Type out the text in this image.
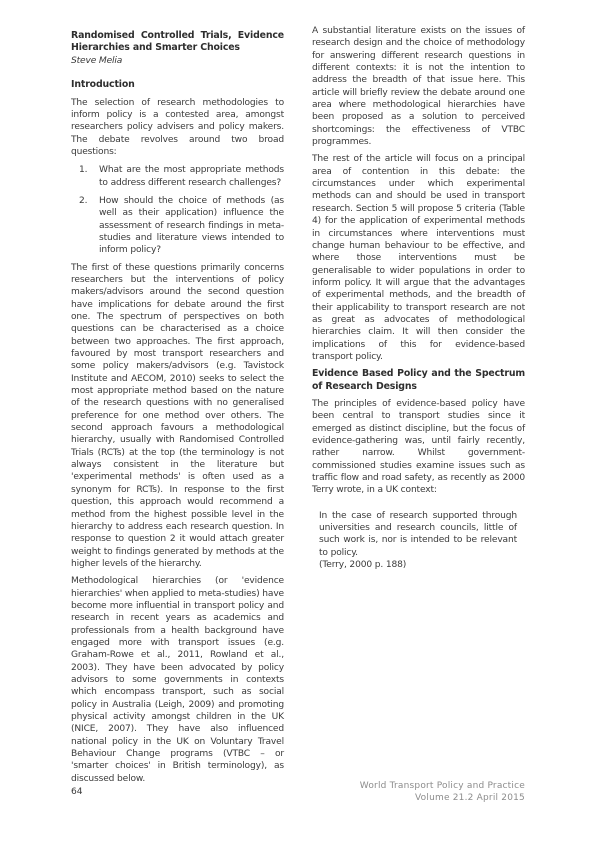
Randomised Controlled Trials, Evidence Hierarchies and Smarter Choices

Steve Melia

Introduction

The selection of research methodologies to inform policy is a contested area, amongst researchers policy advisers and policy makers. The debate revolves around two broad questions:

1.	What are the most appropriate methods to address different research challenges?
2.	How should the choice of methods (as well as their application) influence the assessment of research findings in meta-studies and literature views intended to inform policy?

The first of these questions primarily concerns researchers but the interventions of policy makers/advisors around the second question have implications for debate around the first one. The spectrum of perspectives on both questions can be characterised as a choice between two approaches. The first approach, favoured by most transport researchers and some policy makers/advisors (e.g. Tavistock Institute and AECOM, 2010) seeks to select the most appropriate method based on the nature of the research questions with no generalised preference for one method over others. The second approach favours a methodological hierarchy, usually with Randomised Controlled Trials (RCTs) at the top (the terminology is not always consistent in the literature but 'experimental methods' is often used as a synonym for RCTs). In response to the first question, this approach would recommend a method from the highest possible level in the hierarchy to address each research question. In response to question 2 it would attach greater weight to findings generated by methods at the higher levels of the hierarchy.

Methodological hierarchies (or 'evidence hierarchies' when applied to meta-studies) have become more influential in transport policy and research in recent years as academics and professionals from a health background have engaged more with transport issues (e.g. Graham-Rowe et al., 2011, Rowland et al., 2003). They have been advocated by policy advisors to some governments in contexts which encompass transport, such as social policy in Australia (Leigh, 2009) and promoting physical activity amongst children in the UK (NICE, 2007). They have also influenced national policy in the UK on Voluntary Travel Behaviour Change programs (VTBC – or 'smarter choices' in British terminology), as discussed below.

A substantial literature exists on the issues of research design and the choice of methodology for answering different research questions in different contexts: it is not the intention to address the breadth of that issue here. This article will briefly review the debate around one area where methodological hierarchies have been proposed as a solution to perceived shortcomings: the effectiveness of VTBC programmes.

The rest of the article will focus on a principal area of contention in this debate: the circumstances under which experimental methods can and should be used in transport research. Section 5 will propose 5 criteria (Table 4) for the application of experimental methods in circumstances where interventions must change human behaviour to be effective, and where those interventions must be generalisable to wider populations in order to inform policy. It will argue that the advantages of experimental methods, and the breadth of their applicability to transport research are not as great as advocates of methodological hierarchies claim. It will then consider the implications of this for evidence-based transport policy.

Evidence Based Policy and the Spectrum of Research Designs

The principles of evidence-based policy have been central to transport studies since it emerged as distinct discipline, but the focus of evidence-gathering was, until fairly recently, rather narrow. Whilst government-commissioned studies examine issues such as traffic flow and road safety, as recently as 2000 Terry wrote, in a UK context:

In the case of research supported through universities and research councils, little of such work is, nor is intended to be relevant to policy.

(Terry, 2000 p. 188)

64
World Transport Policy and Practice
Volume 21.2 April 2015
